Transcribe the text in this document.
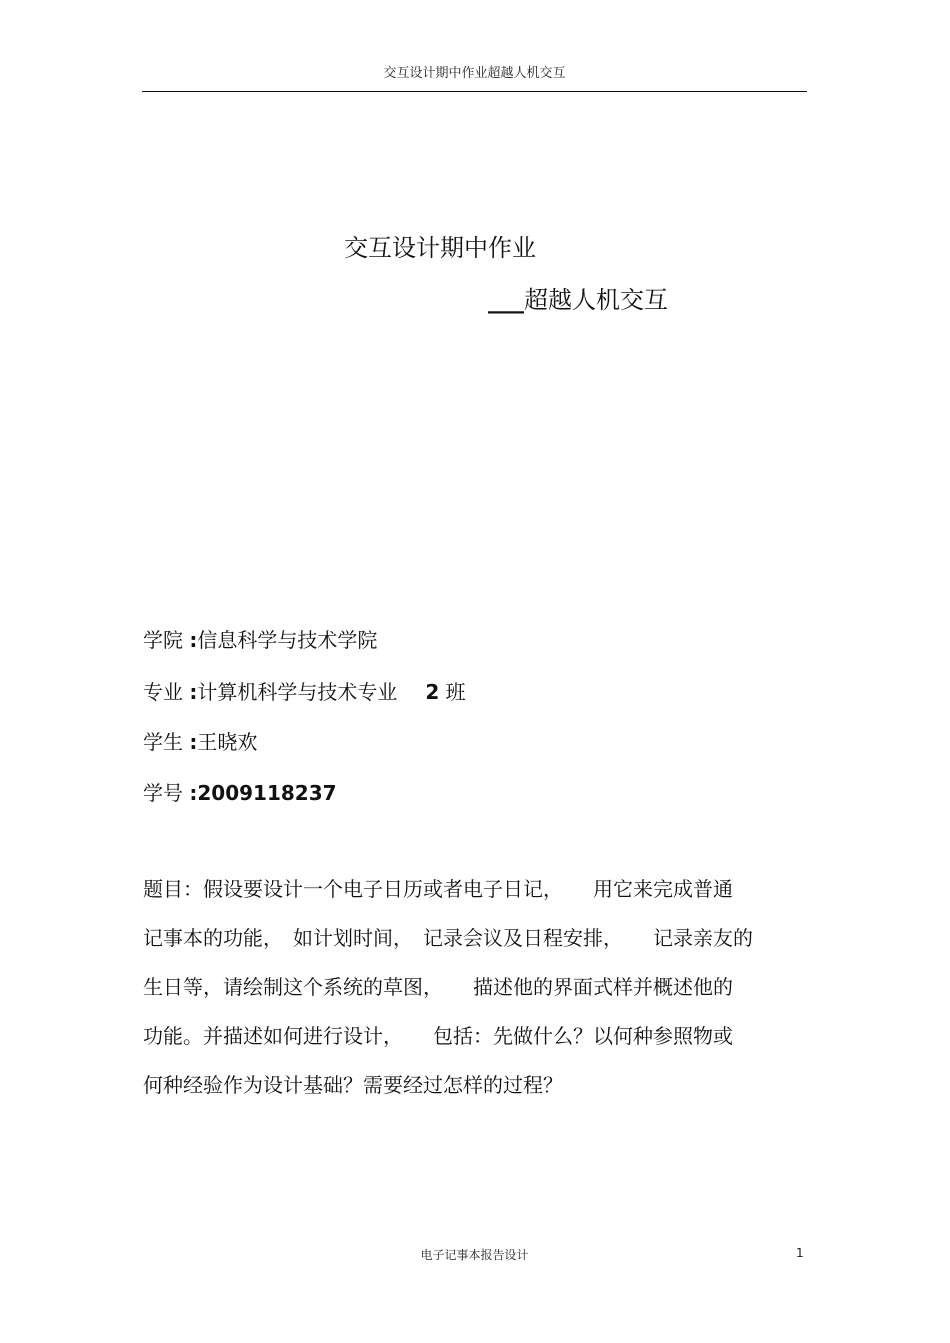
交互设计期中作业超越人机交互
交互设计期中作业
___超越人机交互
学院 :信息科学与技术学院
专业 :计算机科学与技术专业 2 班
学生 :王晓欢
学号 :2009118237
题目：假设要设计一个电子日历或者电子日记，　　用它来完成普通
记事本的功能，　如计划时间，　记录会议及日程安排，　　记录亲友的
生日等，请绘制这个系统的草图，　　描述他的界面式样并概述他的
功能。并描述如何进行设计，　　包括：先做什么？以何种参照物或
何种经验作为设计基础？需要经过怎样的过程？
电子记事本报告设计	1
